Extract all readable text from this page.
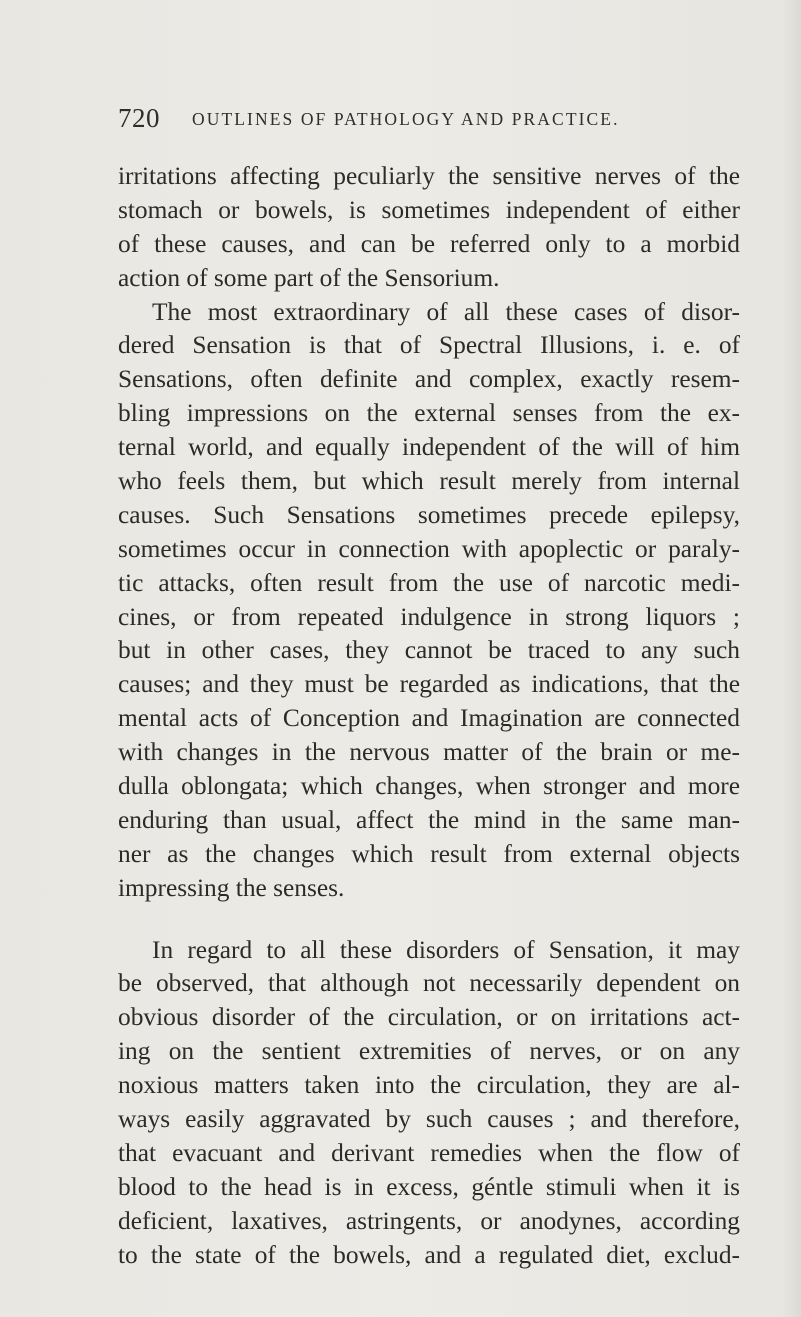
720 OUTLINES OF PATHOLOGY AND PRACTICE.
irritations affecting peculiarly the sensitive nerves of the
stomach or bowels, is sometimes independent of either
of these causes, and can be referred only to a morbid
action of some part of the Sensorium.
The most extraordinary of all these cases of disor-
dered Sensation is that of Spectral Illusions, i. e. of
Sensations, often definite and complex, exactly resem-
bling impressions on the external senses from the ex-
ternal world, and equally independent of the will of him
who feels them, but which result merely from internal
causes. Such Sensations sometimes precede epilepsy,
sometimes occur in connection with apoplectic or paraly-
tic attacks, often result from the use of narcotic medi-
cines, or from repeated indulgence in strong liquors ;
but in other cases, they cannot be traced to any such
causes; and they must be regarded as indications, that the
mental acts of Conception and Imagination are connected
with changes in the nervous matter of the brain or me-
dulla oblongata; which changes, when stronger and more
enduring than usual, affect the mind in the same man-
ner as the changes which result from external objects
impressing the senses.
In regard to all these disorders of Sensation, it may
be observed, that although not necessarily dependent on
obvious disorder of the circulation, or on irritations act-
ing on the sentient extremities of nerves, or on any
noxious matters taken into the circulation, they are al-
ways easily aggravated by such causes ; and therefore,
that evacuant and derivant remedies when the flow of
blood to the head is in excess, géntle stimuli when it is
deficient, laxatives, astringents, or anodynes, according
to the state of the bowels, and a regulated diet, exclud-
